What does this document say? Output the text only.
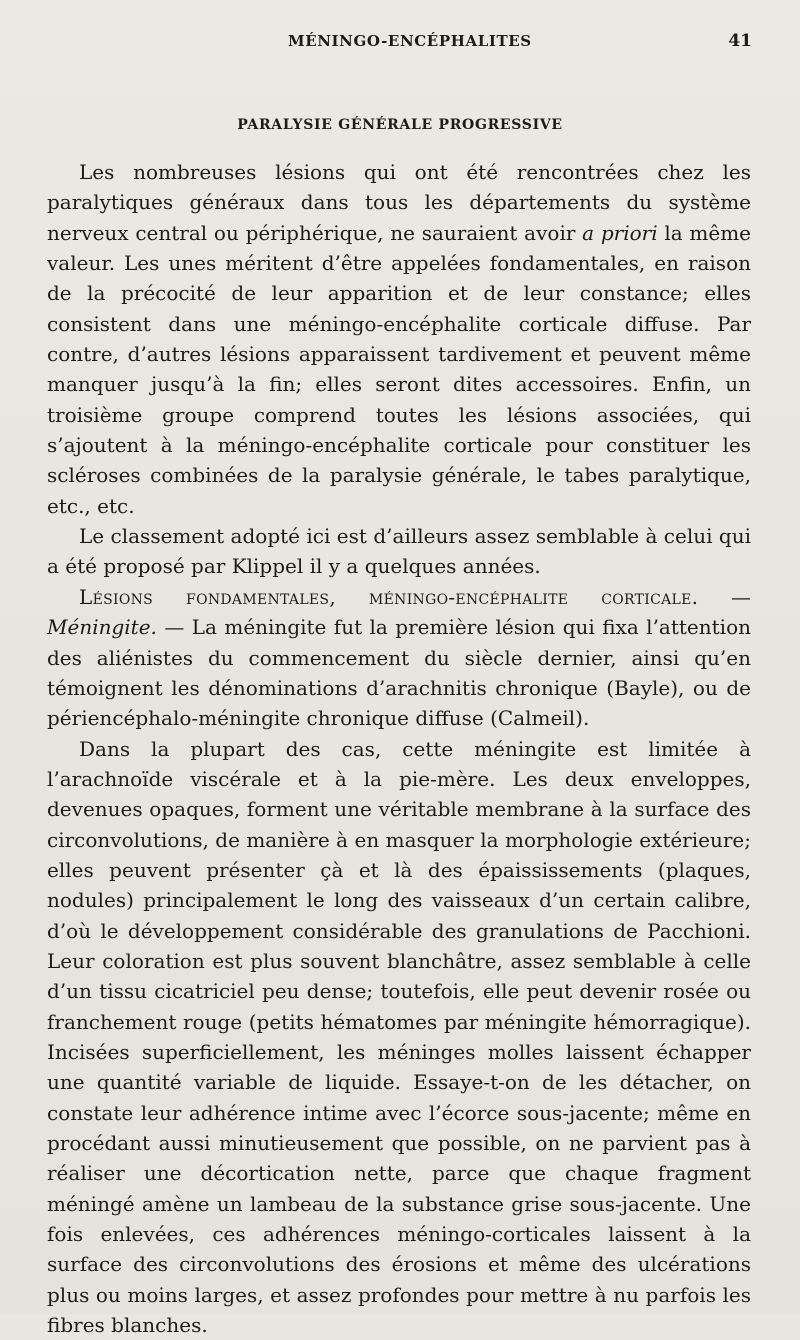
MÉNINGO-ENCÉPHALITES	41
PARALYSIE GÉNÉRALE PROGRESSIVE

Les nombreuses lésions qui ont été rencontrées chez les paralytiques généraux dans tous les départements du système nerveux central ou périphérique, ne sauraient avoir a priori la même valeur. Les unes méritent d’être appelées fondamentales, en raison de la précocité de leur apparition et de leur constance; elles consistent dans une méningo-encéphalite corticale diffuse. Par contre, d’autres lésions apparaissent tardivement et peuvent même manquer jusqu’à la fin; elles seront dites accessoires. Enfin, un troisième groupe comprend toutes les lésions associées, qui s’ajoutent à la méningo-encéphalite corticale pour constituer les scléroses combinées de la paralysie générale, le tabes paralytique, etc., etc.

Le classement adopté ici est d’ailleurs assez semblable à celui qui a été proposé par Klippel il y a quelques années.

Lésions fondamentales, méningo-encéphalite corticale. — Méningite. — La méningite fut la première lésion qui fixa l’attention des aliénistes du commencement du siècle dernier, ainsi qu’en témoignent les dénominations d’arachnitis chronique (Bayle), ou de périencéphalo-méningite chronique diffuse (Calmeil).

Dans la plupart des cas, cette méningite est limitée à l’arachnoïde viscérale et à la pie-mère. Les deux enveloppes, devenues opaques, forment une véritable membrane à la surface des circonvolutions, de manière à en masquer la morphologie extérieure; elles peuvent présenter çà et là des épaississements (plaques, nodules) principalement le long des vaisseaux d’un certain calibre, d’où le développement considérable des granulations de Pacchioni. Leur coloration est plus souvent blanchâtre, assez semblable à celle d’un tissu cicatriciel peu dense; toutefois, elle peut devenir rosée ou franchement rouge (petits hématomes par méningite hémorragique). Incisées superficiellement, les méninges molles laissent échapper une quantité variable de liquide. Essaye-t-on de les détacher, on constate leur adhérence intime avec l’écorce sous-jacente; même en procédant aussi minutieusement que possible, on ne parvient pas à réaliser une décortication nette, parce que chaque fragment méningé amène un lambeau de la substance grise sous-jacente. Une fois enlevées, ces adhérences méningo-corticales laissent à la surface des circonvolutions des érosions et même des ulcérations plus ou moins larges, et assez profondes pour mettre à nu parfois les fibres blanches.
